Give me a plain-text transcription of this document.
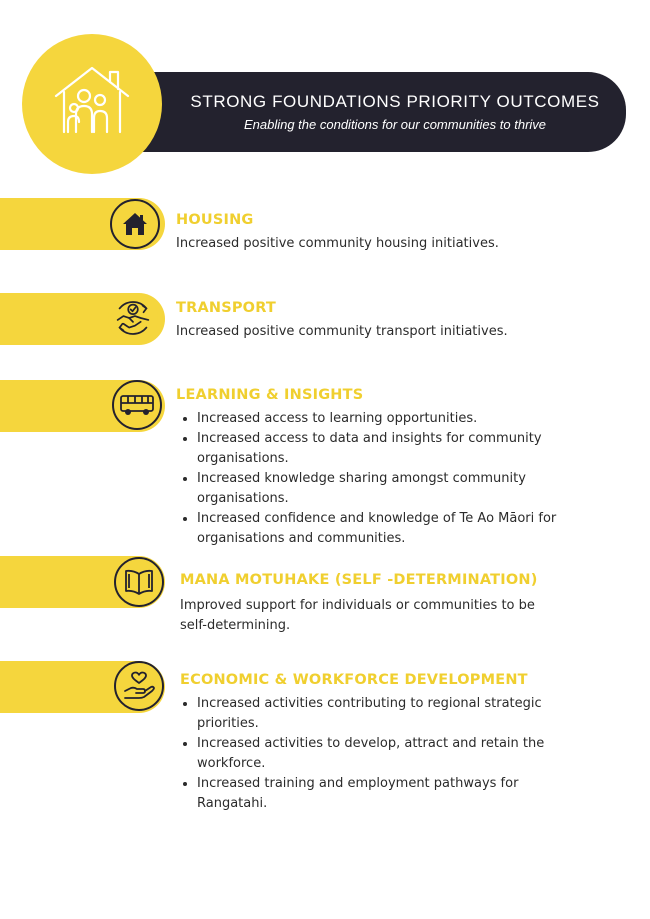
STRONG FOUNDATIONS PRIORITY OUTCOMES
Enabling the conditions for our communities to thrive
HOUSING
Increased positive community housing initiatives.
TRANSPORT
Increased positive community transport initiatives.
LEARNING & INSIGHTS
• Increased access to learning opportunities.
• Increased access to data and insights for community organisations.
• Increased knowledge sharing amongst community organisations.
• Increased confidence and knowledge of Te Ao Māori for organisations and communities.
MANA MOTUHAKE (SELF -DETERMINATION)
Improved support for individuals or communities to be self-determining.
ECONOMIC & WORKFORCE DEVELOPMENT
• Increased activities contributing to regional strategic priorities.
• Increased activities to develop, attract and retain the workforce.
• Increased training and employment pathways for Rangatahi.
